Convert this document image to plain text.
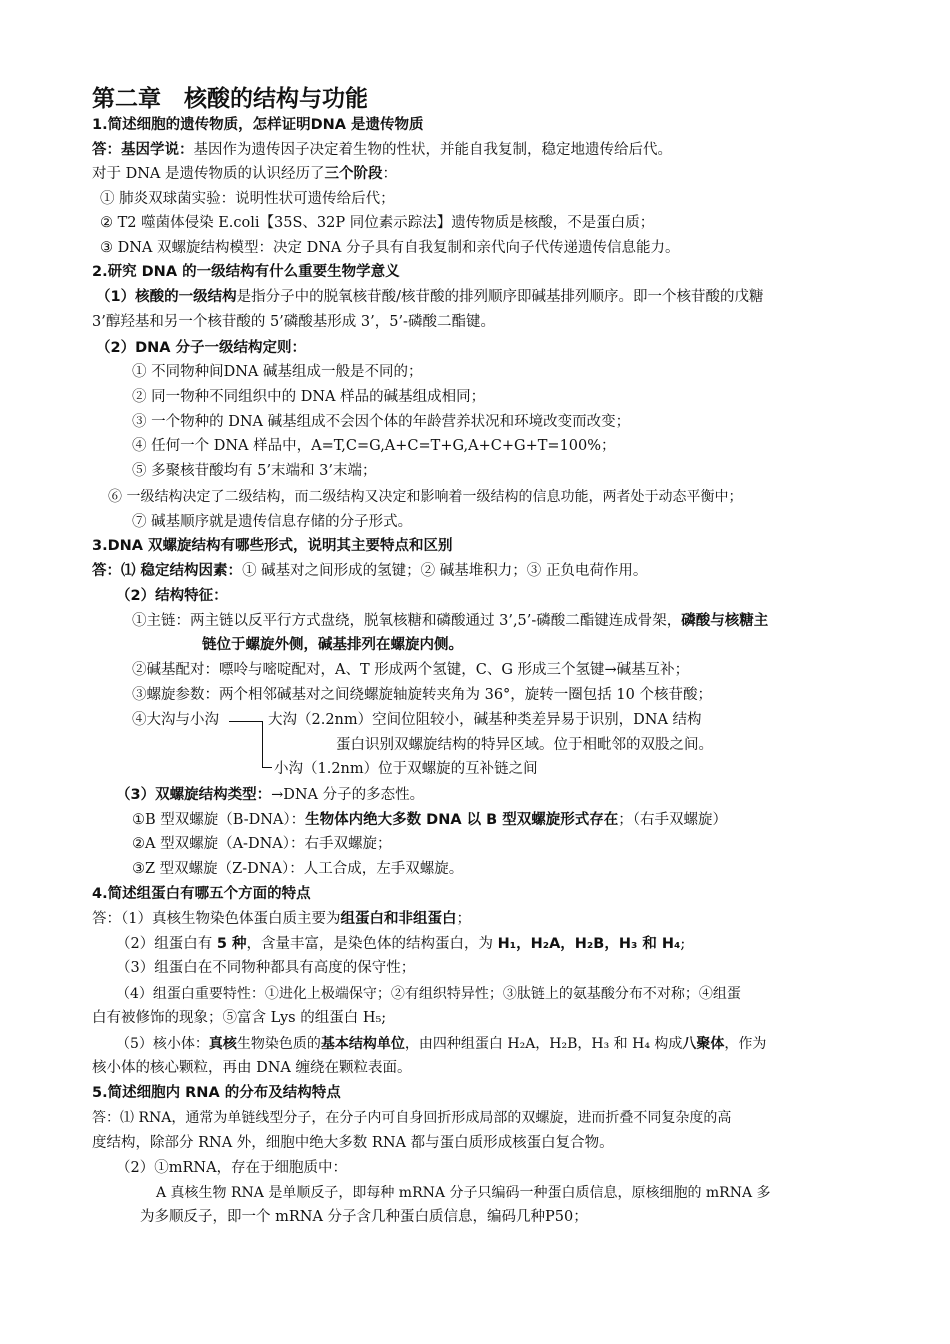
第二章　核酸的结构与功能
1.简述细胞的遗传物质，怎样证明DNA 是遗传物质
答：基因学说：基因作为遗传因子决定着生物的性状，并能自我复制，稳定地遗传给后代。
对于 DNA 是遗传物质的认识经历了三个阶段：
① 肺炎双球菌实验：说明性状可遗传给后代；
② T2 噬菌体侵染 E.coli【35S、32P 同位素示踪法】遗传物质是核酸，不是蛋白质；
③ DNA 双螺旋结构模型：决定 DNA 分子具有自我复制和亲代向子代传递遗传信息能力。
2.研究 DNA 的一级结构有什么重要生物学意义
（1）核酸的一级结构是指分子中的脱氧核苷酸/核苷酸的排列顺序即碱基排列顺序。即一个核苷酸的戊糖
3’醇羟基和另一个核苷酸的 5’磷酸基形成 3’，5’-磷酸二酯键。
（2）DNA 分子一级结构定则：
① 不同物种间DNA 碱基组成一般是不同的；
② 同一物种不同组织中的 DNA 样品的碱基组成相同；
③ 一个物种的 DNA 碱基组成不会因个体的年龄营养状况和环境改变而改变；
④ 任何一个 DNA 样品中，A=T,C=G,A+C=T+G,A+C+G+T=100%；
⑤ 多聚核苷酸均有 5’末端和 3’末端；
⑥ 一级结构决定了二级结构，而二级结构又决定和影响着一级结构的信息功能，两者处于动态平衡中；
⑦ 碱基顺序就是遗传信息存储的分子形式。
3.DNA 双螺旋结构有哪些形式，说明其主要特点和区别
答：⑴ 稳定结构因素：① 碱基对之间形成的氢键；② 碱基堆积力；③ 正负电荷作用。
（2）结构特征：
①主链：两主链以反平行方式盘绕，脱氧核糖和磷酸通过 3’,5’-磷酸二酯键连成骨架，磷酸与核糖主
链位于螺旋外侧，碱基排列在螺旋内侧。
②碱基配对：嘌呤与嘧啶配对，A、T 形成两个氢键，C、G 形成三个氢键→碱基互补；
③螺旋参数：两个相邻碱基对之间绕螺旋轴旋转夹角为 36°，旋转一圈包括 10 个核苷酸；
④大沟与小沟	大沟（2.2nm）空间位阻较小，碱基种类差异易于识别，DNA 结构
蛋白识别双螺旋结构的特异区域。位于相毗邻的双股之间。
小沟（1.2nm）位于双螺旋的互补链之间
（3）双螺旋结构类型：→DNA 分子的多态性。
①B 型双螺旋（B-DNA）：生物体内绝大多数 DNA 以 B 型双螺旋形式存在；（右手双螺旋）
②A 型双螺旋（A-DNA）：右手双螺旋；
③Z 型双螺旋（Z-DNA）：人工合成，左手双螺旋。
4.简述组蛋白有哪五个方面的特点
答：（1）真核生物染色体蛋白质主要为组蛋白和非组蛋白；
（2）组蛋白有 5 种，含量丰富，是染色体的结构蛋白，为 H₁，H₂A，H₂B，H₃ 和 H₄;
（3）组蛋白在不同物种都具有高度的保守性；
（4）组蛋白重要特性：①进化上极端保守；②有组织特异性；③肽链上的氨基酸分布不对称；④组蛋
白有被修饰的现象；⑤富含 Lys 的组蛋白 H₅;
（5）核小体：真核生物染色质的基本结构单位，由四种组蛋白 H₂A，H₂B，H₃ 和 H₄ 构成八聚体，作为
核小体的核心颗粒，再由 DNA 缠绕在颗粒表面。
5.简述细胞内 RNA 的分布及结构特点
答：⑴ RNA，通常为单链线型分子，在分子内可自身回折形成局部的双螺旋，进而折叠不同复杂度的高
度结构，除部分 RNA 外，细胞中绝大多数 RNA 都与蛋白质形成核蛋白复合物。
（2）①mRNA，存在于细胞质中：
A 真核生物 RNA 是单顺反子，即每种 mRNA 分子只编码一种蛋白质信息，原核细胞的 mRNA 多
为多顺反子，即一个 mRNA 分子含几种蛋白质信息，编码几种P50；
